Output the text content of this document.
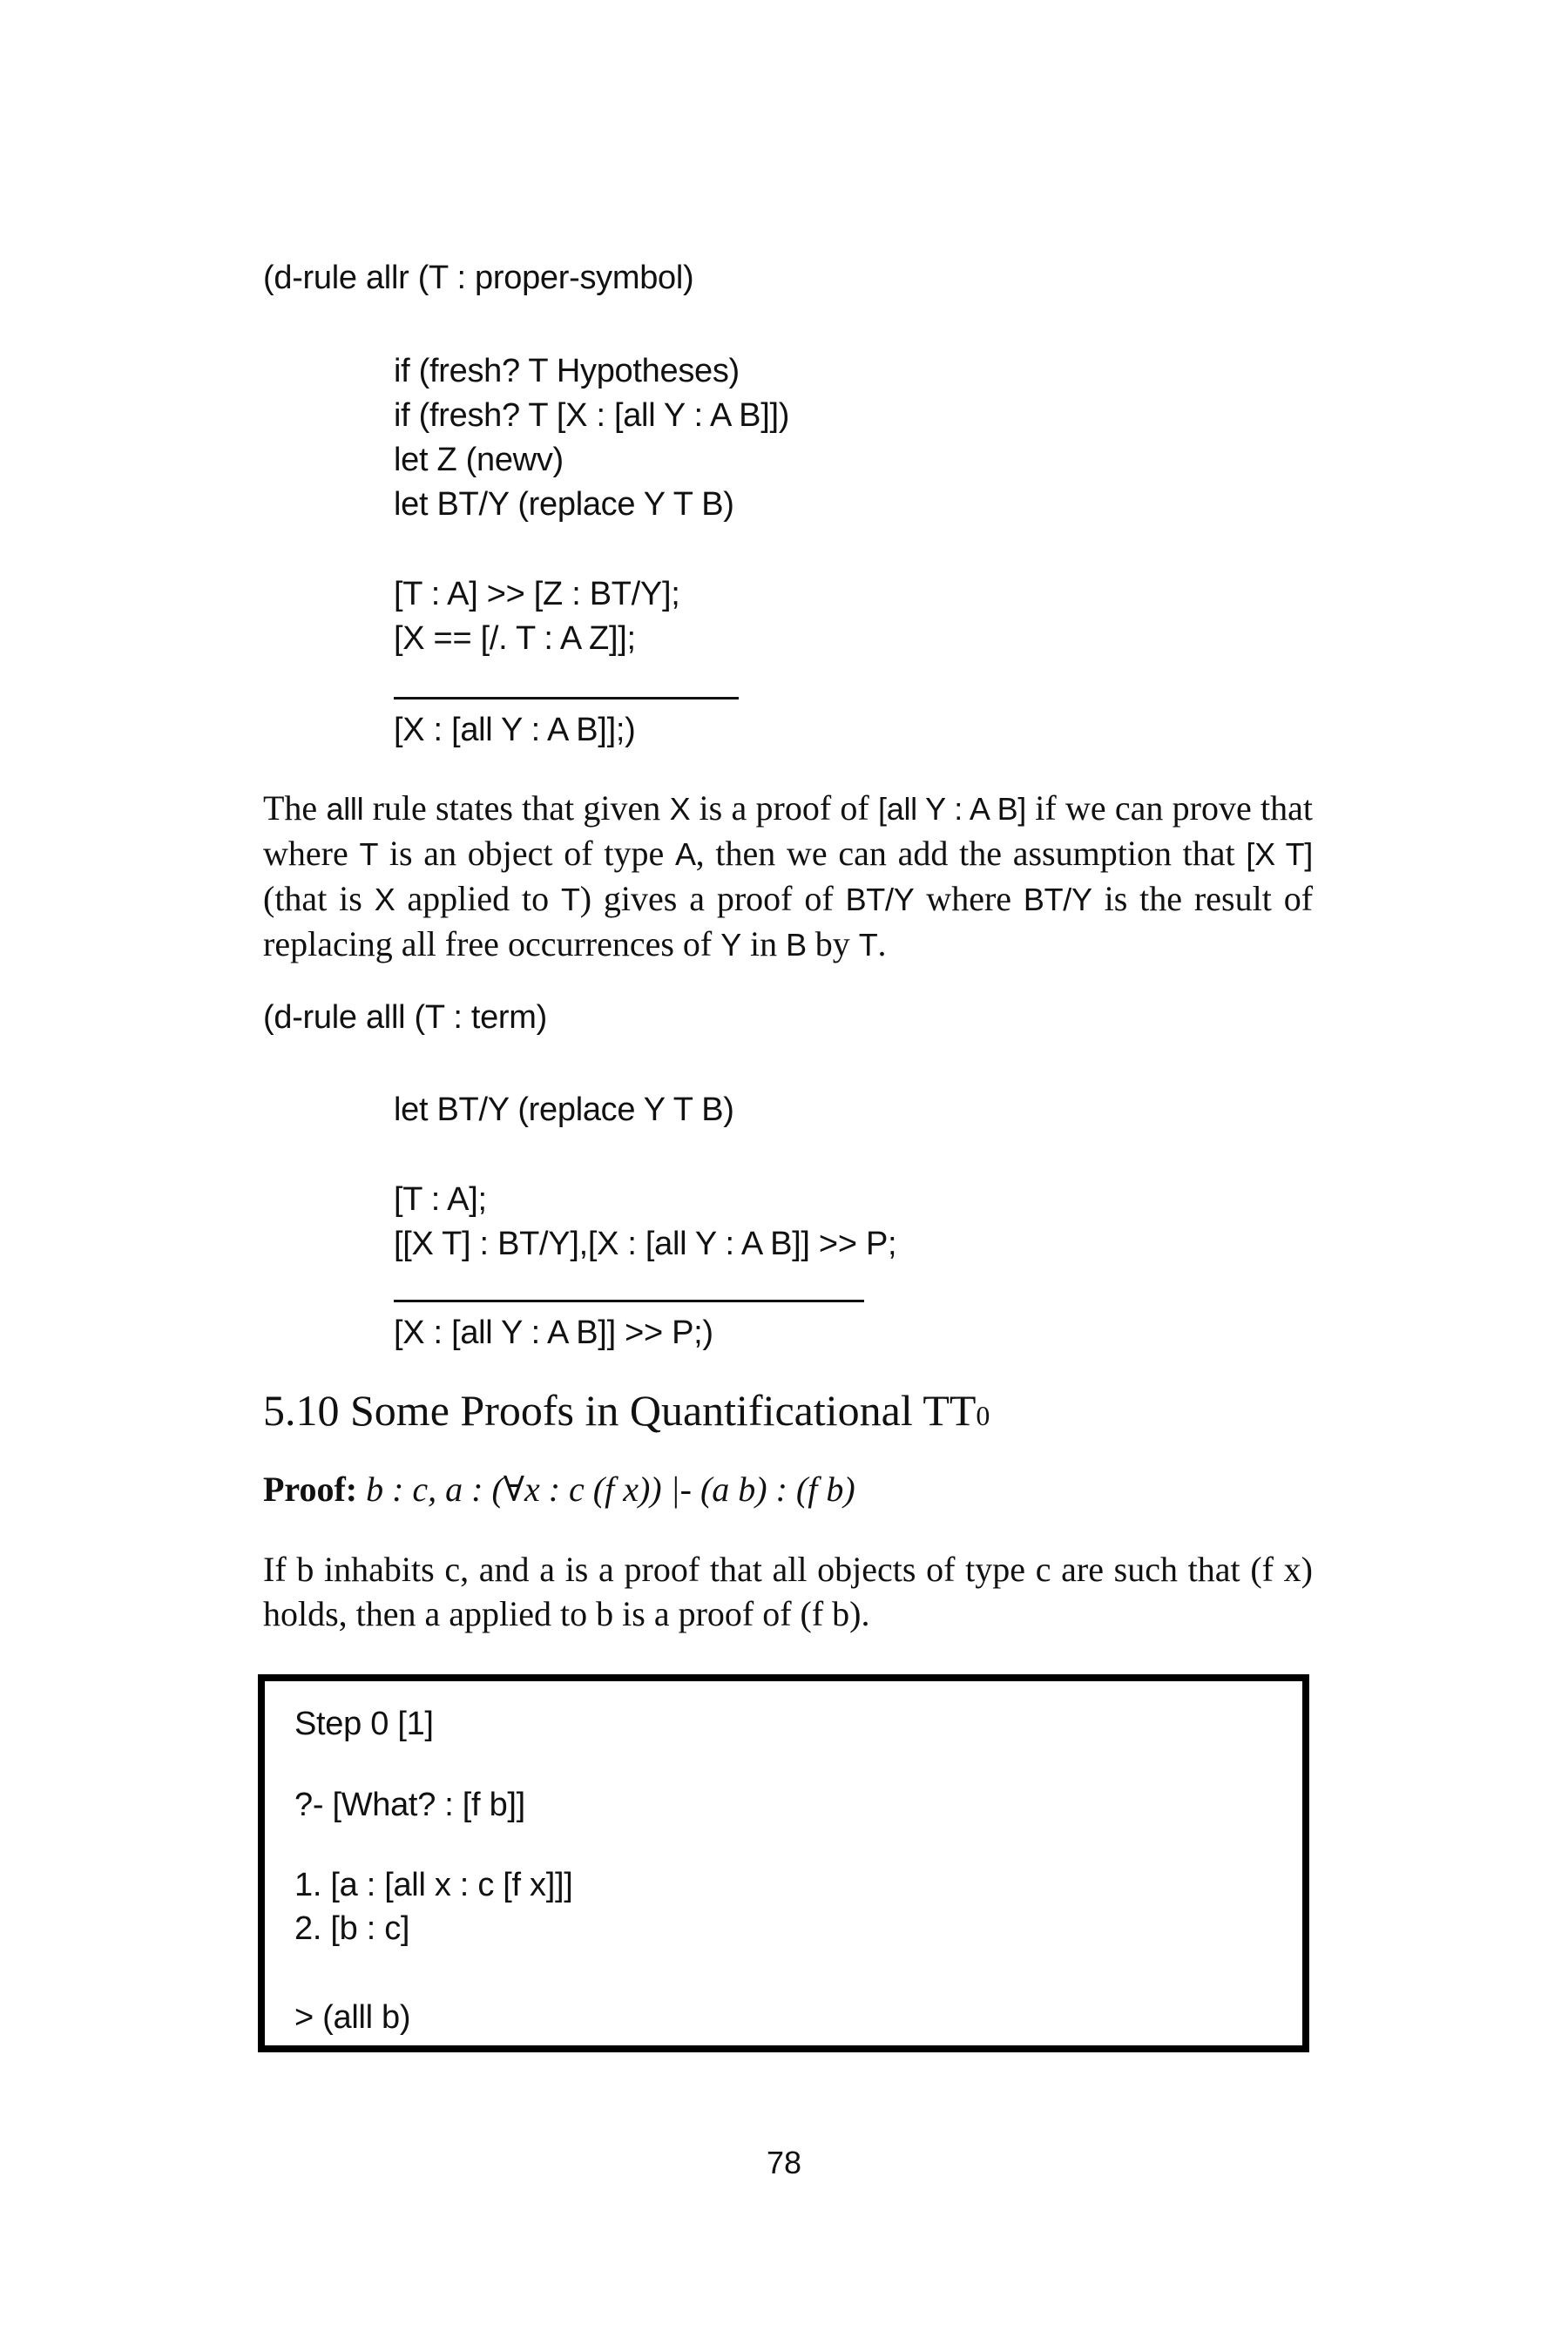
(d-rule allr (T : proper-symbol)
if (fresh? T Hypotheses)
if (fresh? T [X : [all Y : A B]])
let Z (newv)
let BT/Y (replace Y T B)
[T : A] >> [Z : BT/Y];
[X == [/. T : A Z]];
[X : [all Y : A B]];)
The alll rule states that given X is a proof of [all Y : A B] if we can prove that where T is an object of type A, then we can add the assumption that [X T] (that is X applied to T) gives a proof of BT/Y where BT/Y is the result of replacing all free occurrences of Y in B by T.
(d-rule alll (T : term)
let BT/Y (replace Y T B)
[T : A];
[[X T] : BT/Y],[X : [all Y : A B]] >> P;
[X : [all Y : A B]] >> P;)
5.10 Some Proofs in Quantificational TT0
Proof: b : c, a : (∀x : c (f x)) |- (a b) : (f b)
If b inhabits c, and a is a proof that all objects of type c are such that (f x) holds, then a applied to b is a proof of (f b).
Step 0 [1]
?- [What? : [f b]]
1. [a : [all x : c [f x]]]
2. [b : c]
> (alll b)
78
